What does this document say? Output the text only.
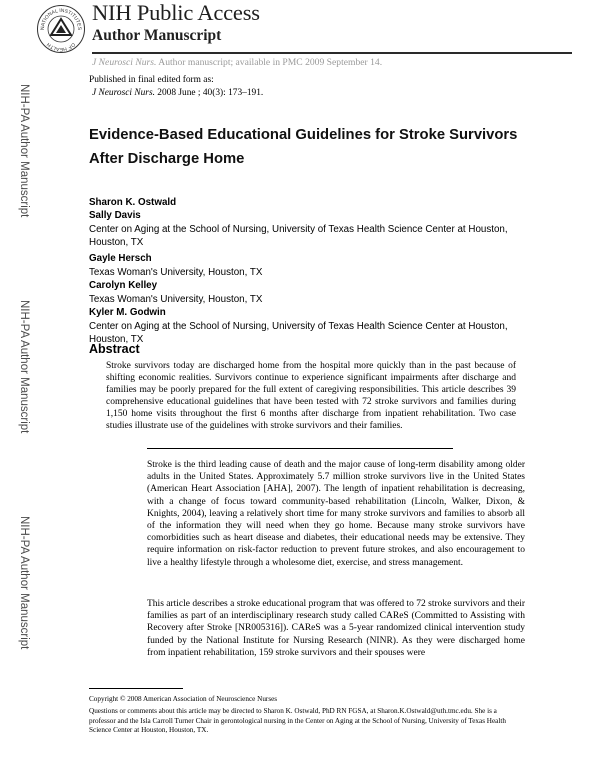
NATIONAL INSTITUTES
OF HEALTH
NIH Public Access
Author Manuscript
J Neurosci Nurs. Author manuscript; available in PMC 2009 September 14.
Published in final edited form as:
J Neurosci Nurs. 2008 June ; 40(3): 173–191.
NIH-PA Author Manuscript
NIH-PA Author Manuscript
NIH-PA Author Manuscript
Evidence-Based Educational Guidelines for Stroke Survivors After Discharge Home
Sharon K. Ostwald
Sally Davis
Center on Aging at the School of Nursing, University of Texas Health Science Center at Houston, Houston, TX
Gayle Hersch
Texas Woman's University, Houston, TX
Carolyn Kelley
Texas Woman's University, Houston, TX
Kyler M. Godwin
Center on Aging at the School of Nursing, University of Texas Health Science Center at Houston, Houston, TX
Abstract
Stroke survivors today are discharged home from the hospital more quickly than in the past because of shifting economic realities. Survivors continue to experience significant impairments after discharge and families may be poorly prepared for the full extent of caregiving responsibilities. This article describes 39 comprehensive educational guidelines that have been tested with 72 stroke survivors and families during 1,150 home visits throughout the first 6 months after discharge from inpatient rehabilitation. Two case studies illustrate use of the guidelines with stroke survivors and their families.
Stroke is the third leading cause of death and the major cause of long-term disability among older adults in the United States. Approximately 5.7 million stroke survivors live in the United States (American Heart Association [AHA], 2007). The length of inpatient rehabilitation is decreasing, with a change of focus toward community-based rehabilitation (Lincoln, Walker, Dixon, & Knights, 2004), leaving a relatively short time for many stroke survivors and families to absorb all of the information they will need when they go home. Because many stroke survivors have comorbidities such as heart disease and diabetes, their educational needs may be extensive. They require information on risk-factor reduction to prevent future strokes, and also encouragement to live a healthy lifestyle through a wholesome diet, exercise, and stress management.
This article describes a stroke educational program that was offered to 72 stroke survivors and their families as part of an interdisciplinary research study called CAReS (Committed to Assisting with Recovery after Stroke [NR005316]). CAReS was a 5-year randomized clinical intervention study funded by the National Institute for Nursing Research (NINR). As they were discharged home from inpatient rehabilitation, 159 stroke survivors and their spouses were
Copyright © 2008 American Association of Neuroscience Nurses
Questions or comments about this article may be directed to Sharon K. Ostwald, PhD RN FGSA, at Sharon.K.Ostwald@uth.tmc.edu. She is a professor and the Isla Carroll Turner Chair in gerontological nursing in the Center on Aging at the School of Nursing, University of Texas Health Science Center at Houston, Houston, TX.
